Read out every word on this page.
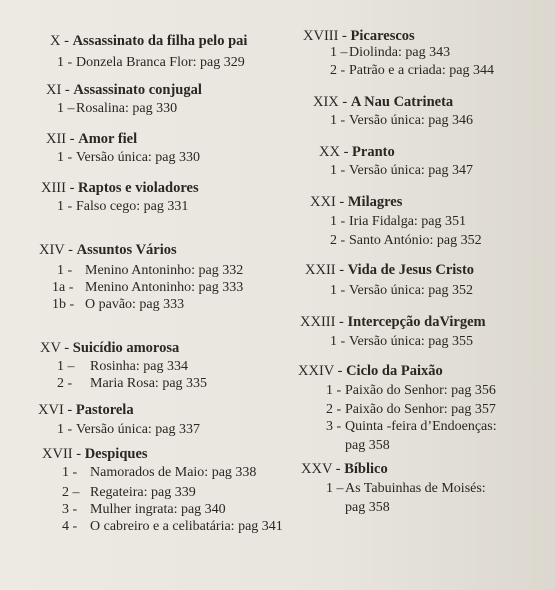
X - Assassinato da filha pelo pai
1 - Donzela Branca Flor: pag 329
XI - Assassinato conjugal
1 – Rosalina: pag 330
XII - Amor fiel
1 - Versão única: pag 330
XIII - Raptos e violadores
1 - Falso cego: pag 331
XIV - Assuntos Vários
1 - Menino Antoninho: pag 332
1a - Menino Antoninho: pag 333
1b - O pavão: pag 333
XV - Suicídio amorosa
1 – Rosinha: pag 334
2 - Maria Rosa: pag 335
XVI - Pastorela
1 - Versão única: pag 337
XVII - Despiques
1 - Namorados de Maio: pag 338
2 – Regateira: pag 339
3 - Mulher ingrata: pag 340
4 - O cabreiro e a celibatária: pag 341
XVIII - Picarescos
1 – Diolinda: pag 343
2 - Patrão e a criada: pag 344
XIX - A Nau Catrineta
1 - Versão única: pag 346
XX - Pranto
1 - Versão única: pag 347
XXI - Milagres
1 - Iria Fidalga: pag 351
2 - Santo António: pag 352
XXII - Vida de Jesus Cristo
1 - Versão única: pag 352
XXIII - Intercepção daVirgem
1 - Versão única: pag 355
XXIV - Ciclo da Paixão
1 - Paixão do Senhor: pag 356
2 - Paixão do Senhor: pag 357
3 - Quinta -feira d’Endoenças:
pag 358
XXV - Bíblico
1 – As Tabuinhas de Moisés:
pag 358
